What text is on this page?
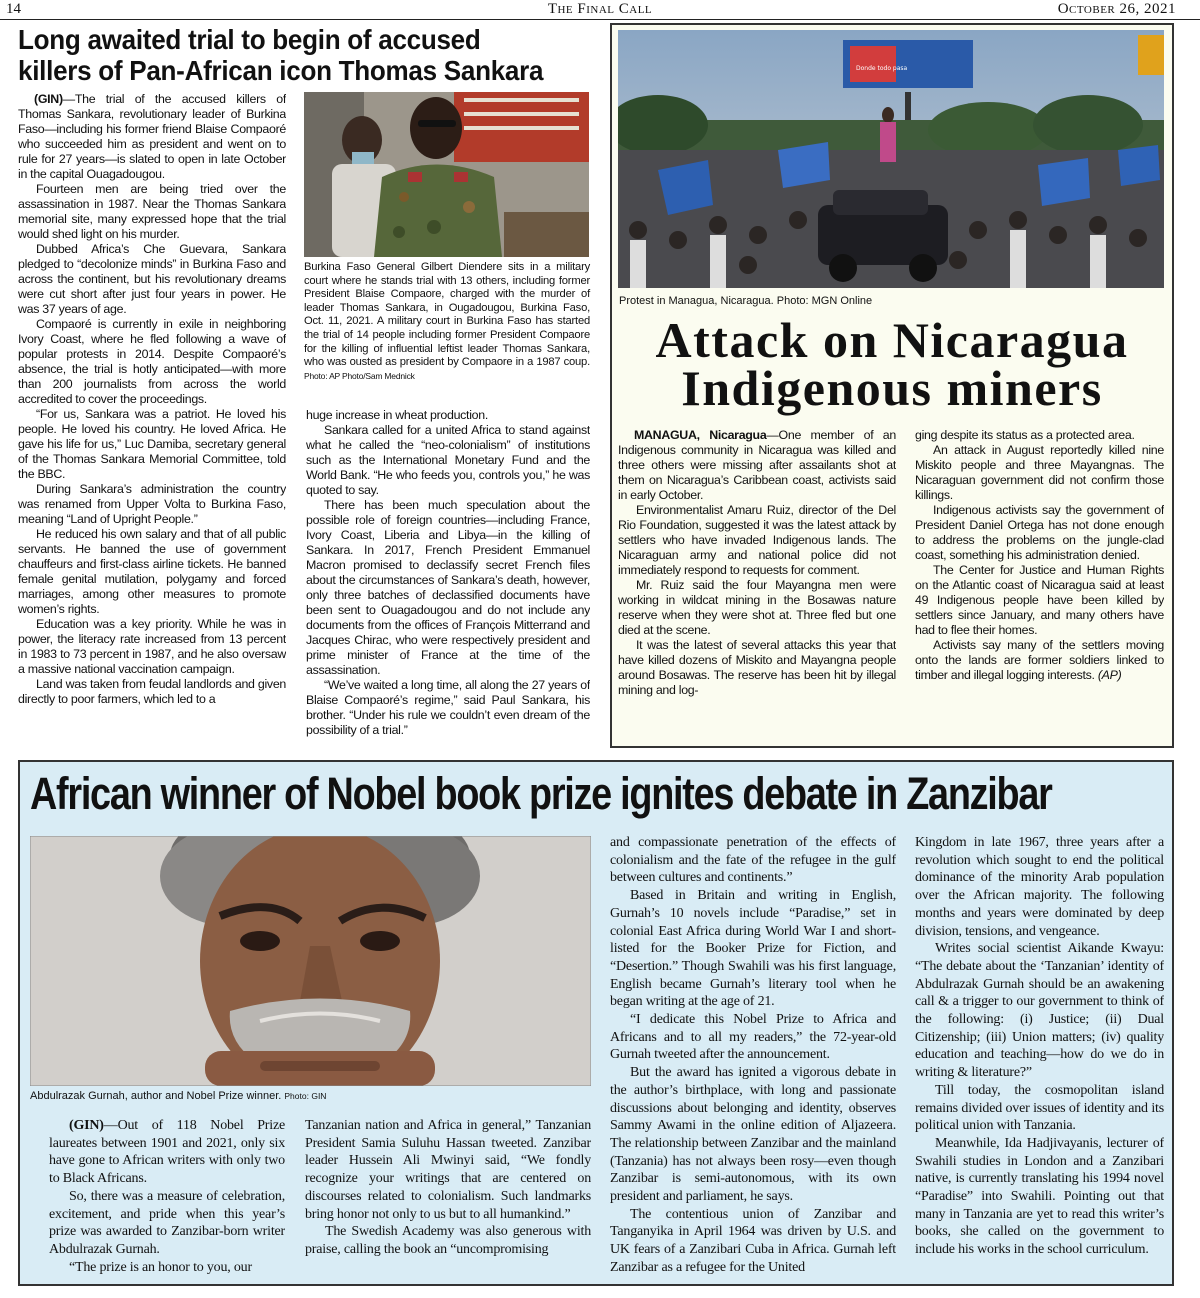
14	The Final Call	October 26, 2021
Long awaited trial to begin of accused killers of Pan-African icon Thomas Sankara

(GIN)—The trial of the accused killers of Thomas Sankara, revolutionary leader of Burkina Faso—including his former friend Blaise Compaoré who succeeded him as president and went on to rule for 27 years—is slated to open in late October in the capital Ouagadougou.

Fourteen men are being tried over the assassination in 1987. Near the Thomas Sankara memorial site, many expressed hope that the trial would shed light on his murder.

Dubbed Africa’s Che Guevara, Sankara pledged to “decolonize minds” in Burkina Faso and across the continent, but his revolutionary dreams were cut short after just four years in power. He was 37 years of age.

Compaoré is currently in exile in neighboring Ivory Coast, where he fled following a wave of popular protests in 2014. Despite Compaoré’s absence, the trial is hotly anticipated—with more than 200 journalists from across the world accredited to cover the proceedings.

“For us, Sankara was a patriot. He loved his people. He loved his country. He loved Africa. He gave his life for us,” Luc Damiba, secretary general of the Thomas Sankara Memorial Committee, told the BBC.

During Sankara’s administration the country was renamed from Upper Volta to Burkina Faso, meaning “Land of Upright People.”

He reduced his own salary and that of all public servants. He banned the use of government chauffeurs and first-class airline tickets. He banned female genital mutilation, polygamy and forced marriages, among other measures to promote women’s rights.

Education was a key priority. While he was in power, the literacy rate increased from 13 percent in 1983 to 73 percent in 1987, and he also oversaw a massive national vaccination campaign.

Land was taken from feudal landlords and given directly to poor farmers, which led to a

Burkina Faso General Gilbert Diendere sits in a military court where he stands trial with 13 others, including former President Blaise Compaore, charged with the murder of leader Thomas Sankara, in Ougadougou, Burkina Faso, Oct. 11, 2021. A military court in Burkina Faso has started the trial of 14 people including former President Compaore for the killing of influential leftist leader Thomas Sankara, who was ousted as president by Compaore in a 1987 coup. Photo: AP Photo/Sam Mednick

huge increase in wheat production.

Sankara called for a united Africa to stand against what he called the “neo-colonialism” of institutions such as the International Monetary Fund and the World Bank. “He who feeds you, controls you,” he was quoted to say.

There has been much speculation about the possible role of foreign countries—including France, Ivory Coast, Liberia and Libya—in the killing of Sankara. In 2017, French President Emmanuel Macron promised to declassify secret French files about the circumstances of Sankara’s death, however, only three batches of declassified documents have been sent to Ouagadougou and do not include any documents from the offices of François Mitterrand and Jacques Chirac, who were respectively president and prime minister of France at the time of the assassination.

“We’ve waited a long time, all along the 27 years of Blaise Compaoré’s regime,” said Paul Sankara, his brother. “Under his rule we couldn’t even dream of the possibility of a trial.”

Donde todo pasa
Protest in Managua, Nicaragua. Photo: MGN Online
Attack on Nicaragua
Indigenous miners

MANAGUA, Nicaragua—One member of an Indigenous community in Nicaragua was killed and three others were missing after assailants shot at them on Nicaragua’s Caribbean coast, activists said in early October.

Environmentalist Amaru Ruiz, director of the Del Rio Foundation, suggested it was the latest attack by settlers who have invaded Indigenous lands. The Nicaraguan army and national police did not immediately respond to requests for comment.

Mr. Ruiz said the four Mayangna men were working in wildcat mining in the Bosawas nature reserve when they were shot at. Three fled but one died at the scene.

It was the latest of several attacks this year that have killed dozens of Miskito and Mayangna people around Bosawas. The reserve has been hit by illegal mining and log-

ging despite its status as a protected area.

An attack in August reportedly killed nine Miskito people and three Mayangnas. The Nicaraguan government did not confirm those killings.

Indigenous activists say the government of President Daniel Ortega has not done enough to address the problems on the jungle-clad coast, something his administration denied.

The Center for Justice and Human Rights on the Atlantic coast of Nicaragua said at least 49 Indigenous people have been killed by settlers since January, and many others have had to flee their homes.

Activists say many of the settlers moving onto the lands are former soldiers linked to timber and illegal logging interests. (AP)

African winner of Nobel book prize ignites debate in Zanzibar
Abdulrazak Gurnah, author and Nobel Prize winner. Photo: GIN

(GIN)—Out of 118 Nobel Prize laureates between 1901 and 2021, only six have gone to African writers with only two to Black Africans.

So, there was a measure of celebration, excitement, and pride when this year’s prize was awarded to Zanzibar-born writer Abdulrazak Gurnah.

“The prize is an honor to you, our

Tanzanian nation and Africa in general,” Tanzanian President Samia Suluhu Hassan tweeted. Zanzibar leader Hussein Ali Mwinyi said, “We fondly recognize your writings that are centered on discourses related to colonialism. Such landmarks bring honor not only to us but to all humankind.”

The Swedish Academy was also generous with praise, calling the book an “uncompromising

and compassionate penetration of the effects of colonialism and the fate of the refugee in the gulf between cultures and continents.”

Based in Britain and writing in English, Gurnah’s 10 novels include “Paradise,” set in colonial East Africa during World War I and short-listed for the Booker Prize for Fiction, and “Desertion.” Though Swahili was his first language, English became Gurnah’s literary tool when he began writing at the age of 21.

“I dedicate this Nobel Prize to Africa and Africans and to all my readers,” the 72-year-old Gurnah tweeted after the announcement.

But the award has ignited a vigorous debate in the author’s birthplace, with long and passionate discussions about belonging and identity, observes Sammy Awami in the online edition of Aljazeera. The relationship between Zanzibar and the mainland (Tanzania) has not always been rosy—even though Zanzibar is semi-autonomous, with its own president and parliament, he says.

The contentious union of Zanzibar and Tanganyika in April 1964 was driven by U.S. and UK fears of a Zanzibari Cuba in Africa. Gurnah left Zanzibar as a refugee for the United

Kingdom in late 1967, three years after a revolution which sought to end the political dominance of the minority Arab population over the African majority. The following months and years were dominated by deep division, tensions, and vengeance.

Writes social scientist Aikande Kwayu: “The debate about the ‘Tanzanian’ identity of Abdulrazak Gurnah should be an awakening call & a trigger to our government to think of the following: (i) Justice; (ii) Dual Citizenship; (iii) Union matters; (iv) quality education and teaching—how do we do in writing & literature?”

Till today, the cosmopolitan island remains divided over issues of identity and its political union with Tanzania.

Meanwhile, Ida Hadjivayanis, lecturer of Swahili studies in London and a Zanzibari native, is currently translating his 1994 novel “Paradise” into Swahili. Pointing out that many in Tanzania are yet to read this writer’s books, she called on the government to include his works in the school curriculum.
